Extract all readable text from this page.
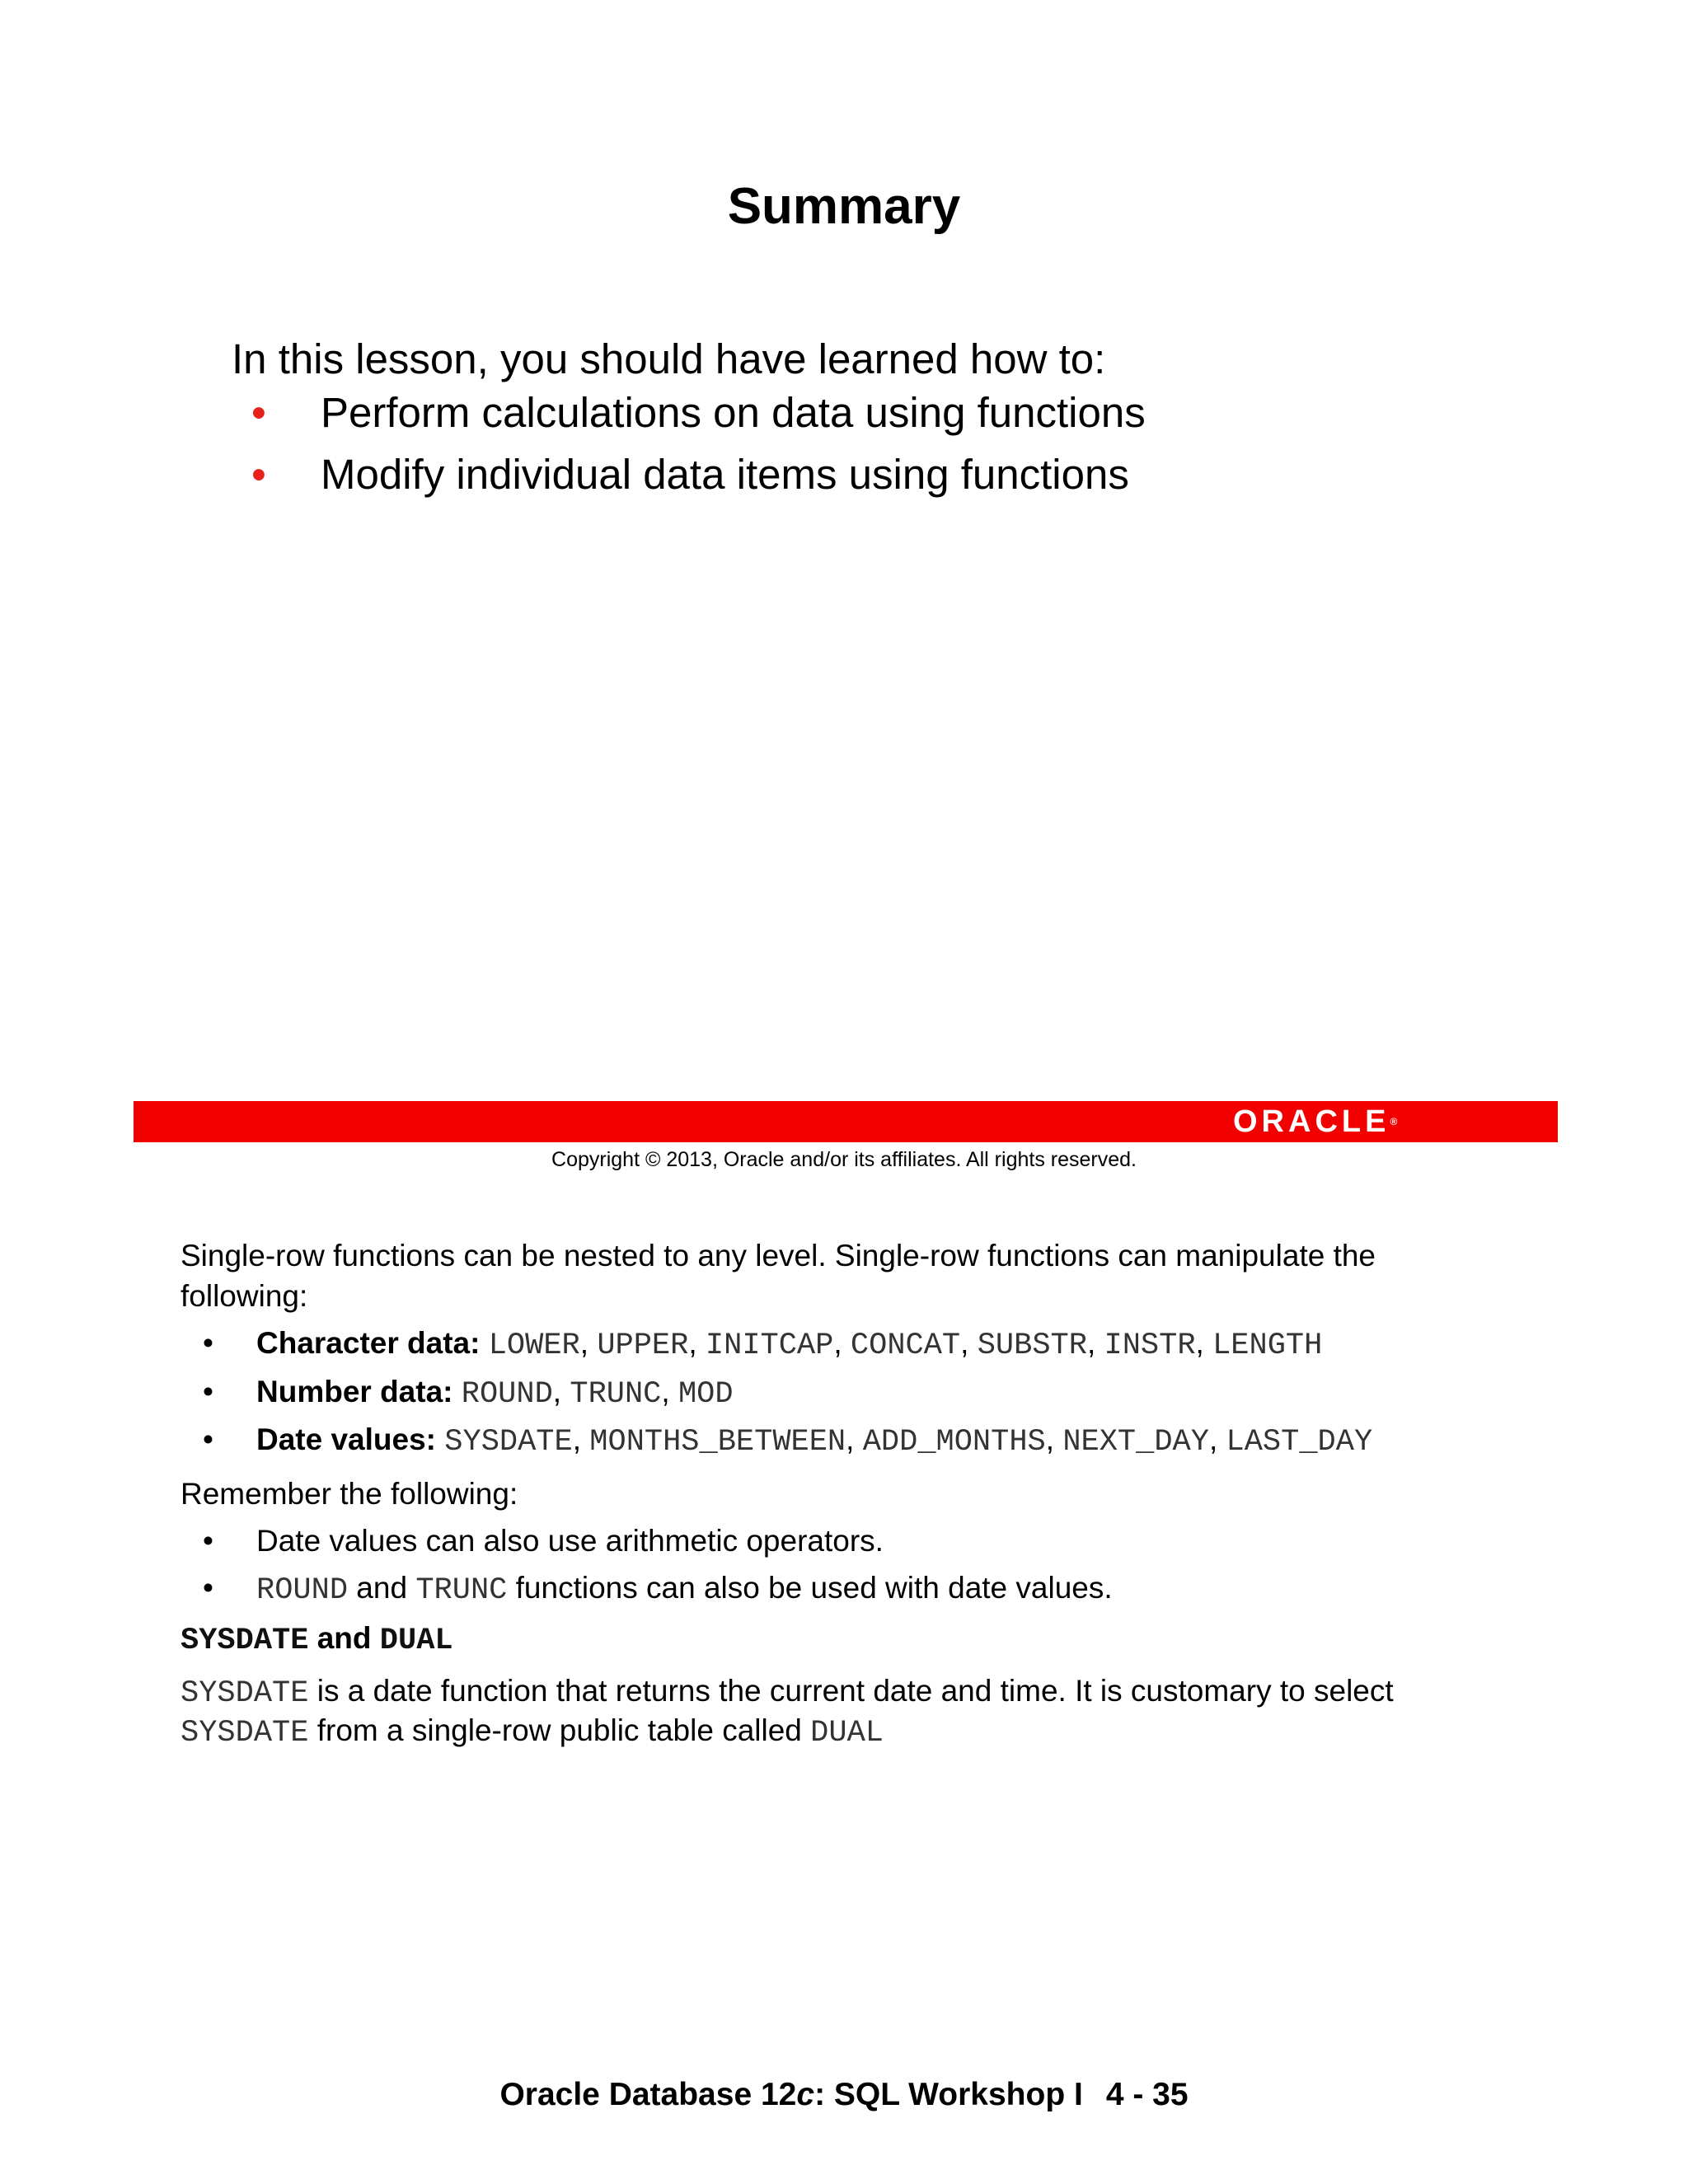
Summary
In this lesson, you should have learned how to:
• Perform calculations on data using functions
• Modify individual data items using functions
ORACLE®
Copyright © 2013, Oracle and/or its affiliates. All rights reserved.
Single-row functions can be nested to any level. Single-row functions can manipulate the
following:
• Character data: LOWER, UPPER, INITCAP, CONCAT, SUBSTR, INSTR, LENGTH
• Number data: ROUND, TRUNC, MOD
• Date values: SYSDATE, MONTHS_BETWEEN, ADD_MONTHS, NEXT_DAY, LAST_DAY
Remember the following:
• Date values can also use arithmetic operators.
• ROUND and TRUNC functions can also be used with date values.
SYSDATE and DUAL
SYSDATE is a date function that returns the current date and time. It is customary to select
SYSDATE from a single-row public table called DUAL
Oracle Database 12c: SQL Workshop I 4 - 35
